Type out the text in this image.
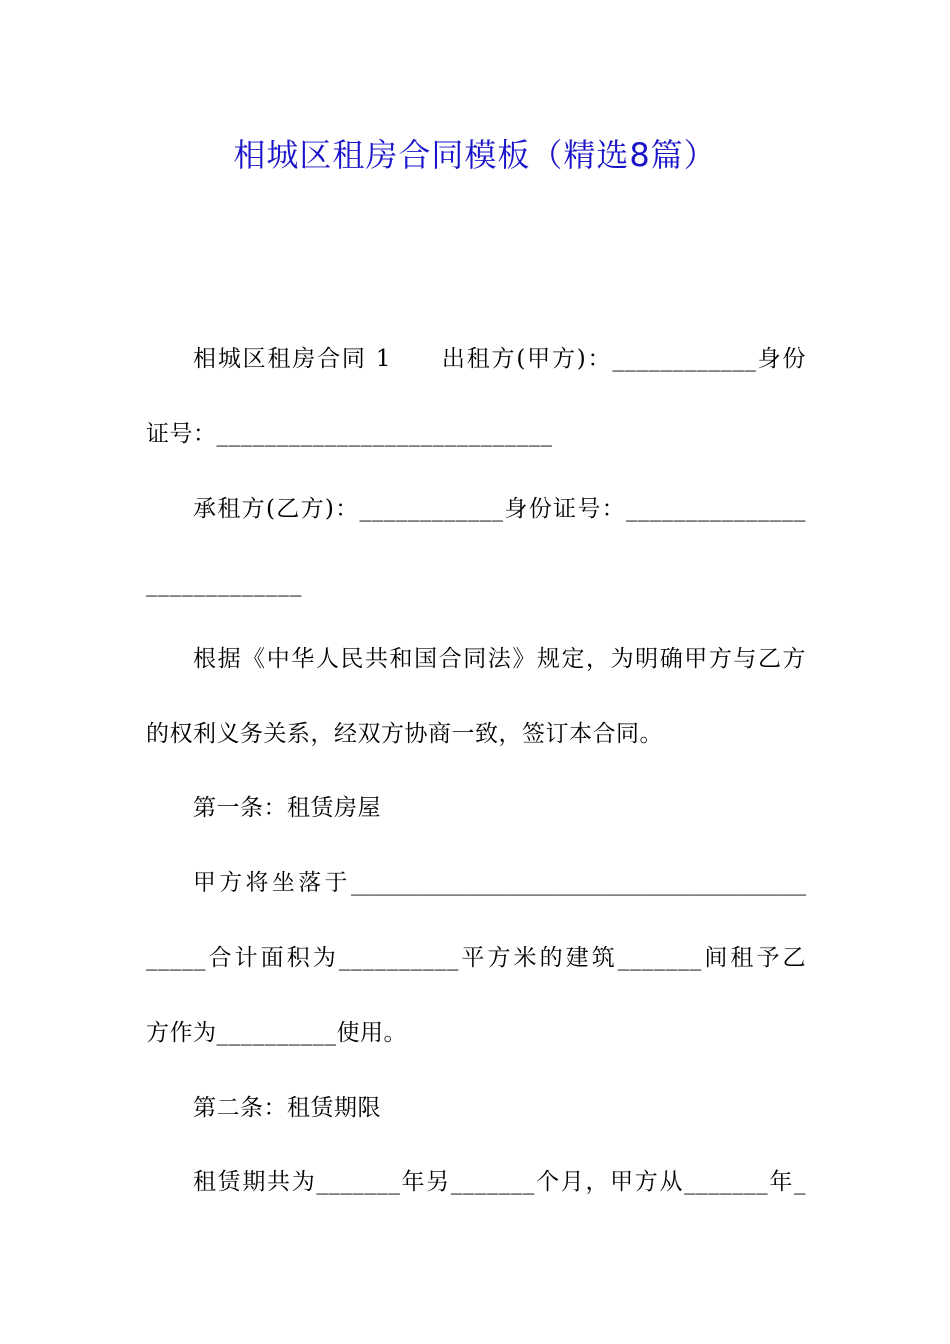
相城区租房合同模板（精选8篇）
相城区租房合同 1　　出租方(甲方)：____________身份
证号：____________________________
承租方(乙方)：____________身份证号：_______________
_____________
根据《中华人民共和国合同法》规定，为明确甲方与乙方
的权利义务关系，经双方协商一致，签订本合同。
第一条：租赁房屋
甲方将坐落于________________________________________
_____合计面积为__________平方米的建筑_______间租予乙
方作为__________使用。
第二条：租赁期限
租赁期共为_______年另_______个月，甲方从_______年_
